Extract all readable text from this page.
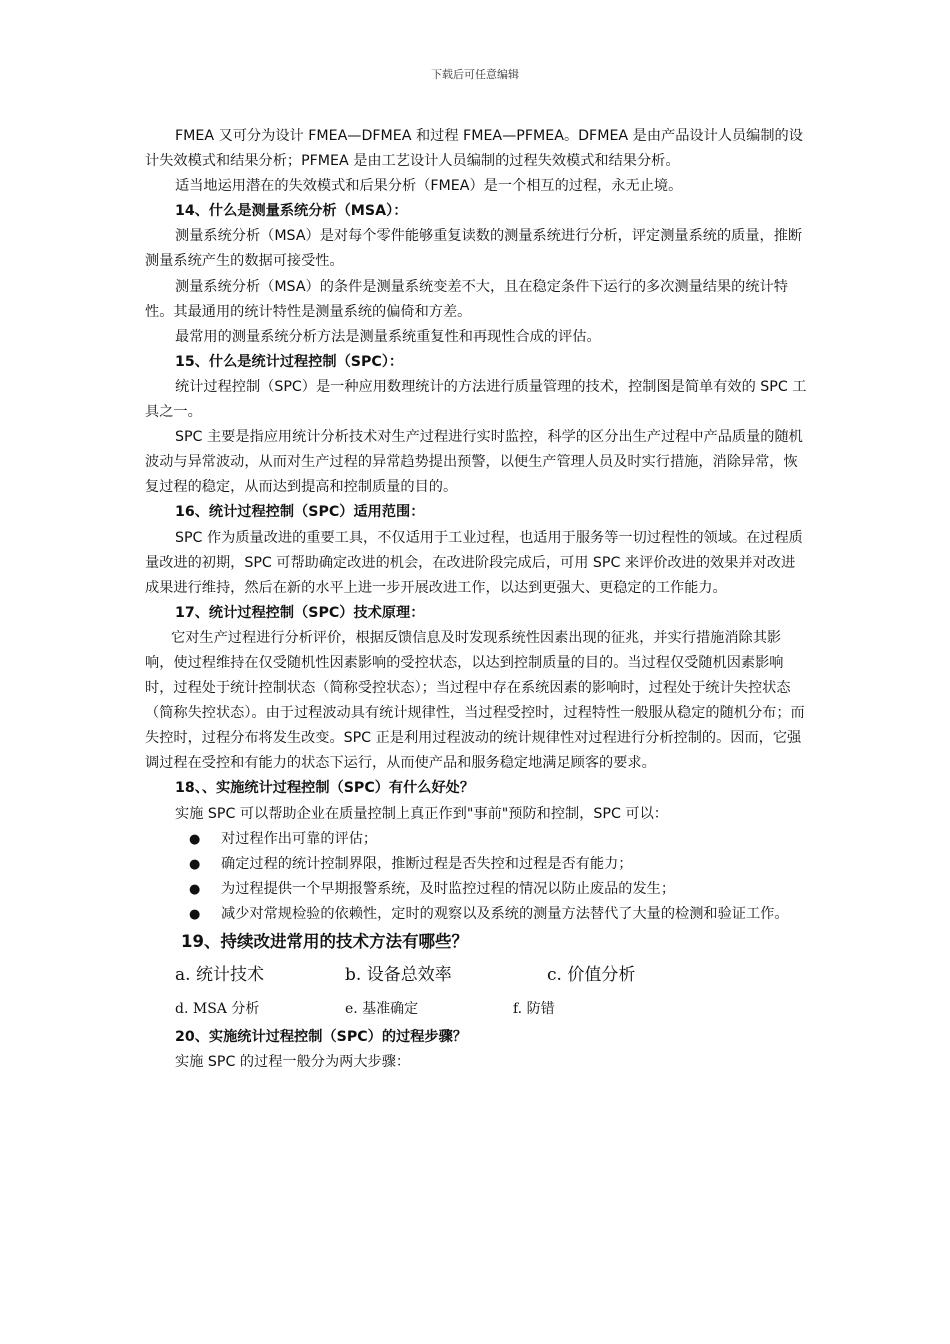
下载后可任意编辑

FMEA 又可分为设计 FMEA—DFMEA 和过程 FMEA—PFMEA。DFMEA 是由产品设计人员编制的设计失效模式和结果分析；PFMEA 是由工艺设计人员编制的过程失效模式和结果分析。

适当地运用潜在的失效模式和后果分析（FMEA）是一个相互的过程，永无止境。

14、什么是测量系统分析（MSA）：

测量系统分析（MSA）是对每个零件能够重复读数的测量系统进行分析，评定测量系统的质量，推断测量系统产生的数据可接受性。

测量系统分析（MSA）的条件是测量系统变差不大，且在稳定条件下运行的多次测量结果的统计特性。其最通用的统计特性是测量系统的偏倚和方差。

最常用的测量系统分析方法是测量系统重复性和再现性合成的评估。

15、什么是统计过程控制（SPC）：

统计过程控制（SPC）是一种应用数理统计的方法进行质量管理的技术，控制图是简单有效的 SPC 工具之一。

SPC 主要是指应用统计分析技术对生产过程进行实时监控，科学的区分出生产过程中产品质量的随机波动与异常波动，从而对生产过程的异常趋势提出预警，以便生产管理人员及时实行措施，消除异常，恢复过程的稳定，从而达到提高和控制质量的目的。

16、统计过程控制（SPC）适用范围：

SPC 作为质量改进的重要工具，不仅适用于工业过程，也适用于服务等一切过程性的领域。在过程质量改进的初期，SPC 可帮助确定改进的机会，在改进阶段完成后，可用 SPC 来评价改进的效果并对改进成果进行维持，然后在新的水平上进一步开展改进工作，以达到更强大、更稳定的工作能力。

17、统计过程控制（SPC）技术原理：

它对生产过程进行分析评价，根据反馈信息及时发现系统性因素出现的征兆，并实行措施消除其影响，使过程维持在仅受随机性因素影响的受控状态，以达到控制质量的目的。当过程仅受随机因素影响时，过程处于统计控制状态（简称受控状态）；当过程中存在系统因素的影响时，过程处于统计失控状态（简称失控状态）。由于过程波动具有统计规律性，当过程受控时，过程特性一般服从稳定的随机分布；而失控时，过程分布将发生改变。SPC 正是利用过程波动的统计规律性对过程进行分析控制的。因而，它强调过程在受控和有能力的状态下运行，从而使产品和服务稳定地满足顾客的要求。

18、、实施统计过程控制（SPC）有什么好处？

实施 SPC 可以帮助企业在质量控制上真正作到"事前"预防和控制，SPC 可以：

● 对过程作出可靠的评估；
● 确定过程的统计控制界限，推断过程是否失控和过程是否有能力；
● 为过程提供一个早期报警系统，及时监控过程的情况以防止废品的发生；
● 减少对常规检验的依赖性，定时的观察以及系统的测量方法替代了大量的检测和验证工作。

19、持续改进常用的技术方法有哪些？

a. 统计技术	b. 设备总效率	c. 价值分析
d. MSA 分析	e. 基准确定	f. 防错

20、实施统计过程控制（SPC）的过程步骤？

实施 SPC 的过程一般分为两大步骤：
